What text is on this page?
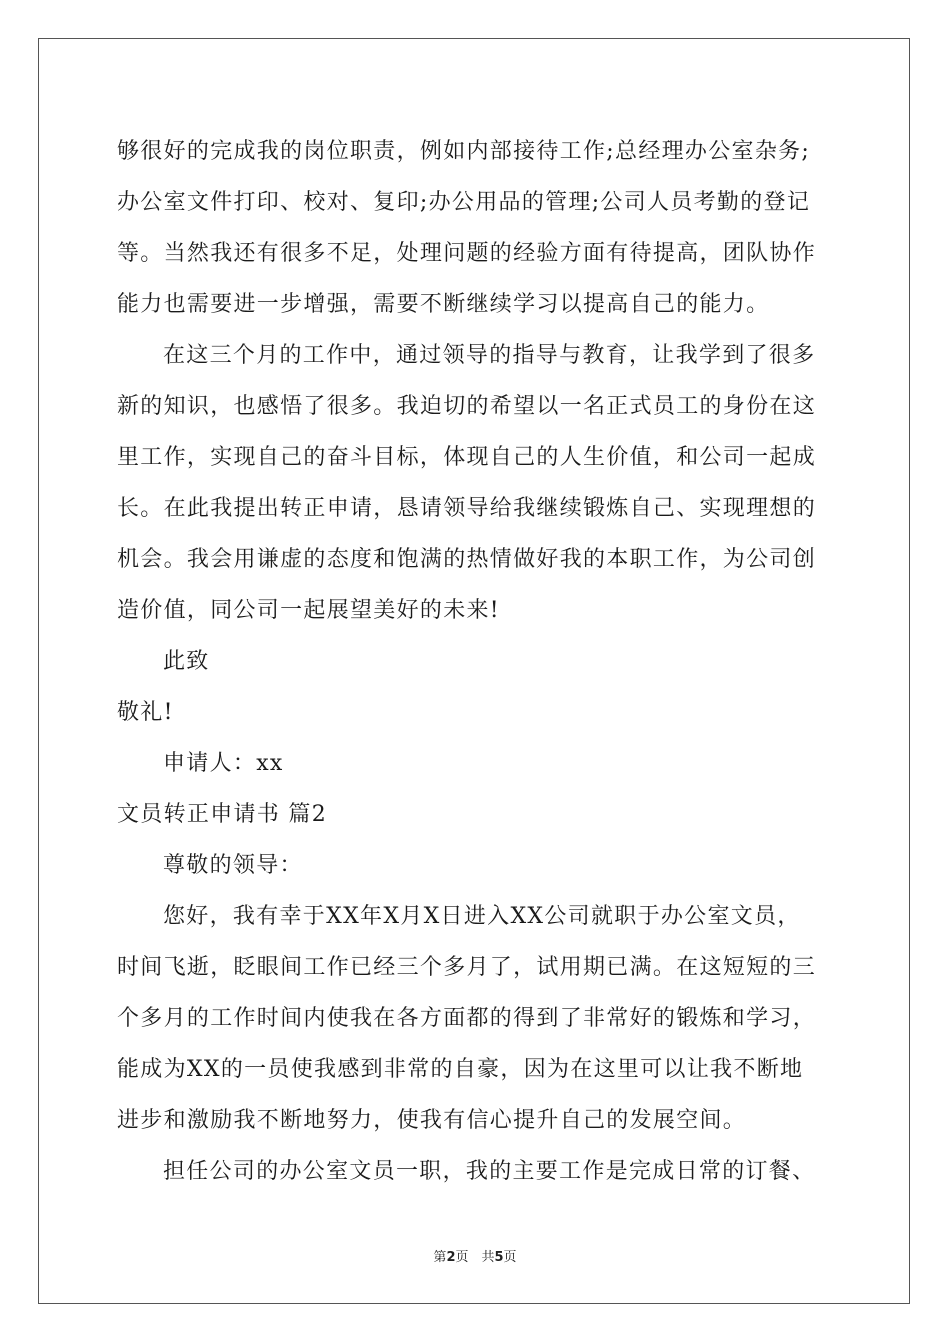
够很好的完成我的岗位职责，例如内部接待工作;总经理办公室杂务;
办公室文件打印、校对、复印;办公用品的管理;公司人员考勤的登记
等。当然我还有很多不足，处理问题的经验方面有待提高，团队协作
能力也需要进一步增强，需要不断继续学习以提高自己的能力。
在这三个月的工作中，通过领导的指导与教育，让我学到了很多
新的知识，也感悟了很多。我迫切的希望以一名正式员工的身份在这
里工作，实现自己的奋斗目标，体现自己的人生价值，和公司一起成
长。在此我提出转正申请，恳请领导给我继续锻炼自己、实现理想的
机会。我会用谦虚的态度和饱满的热情做好我的本职工作，为公司创
造价值，同公司一起展望美好的未来!
此致
敬礼!
申请人：xx
文员转正申请书 篇2
尊敬的领导：
您好，我有幸于XX年X月X日进入XX公司就职于办公室文员，
时间飞逝，眨眼间工作已经三个多月了，试用期已满。在这短短的三
个多月的工作时间内使我在各方面都的得到了非常好的锻炼和学习，
能成为XX的一员使我感到非常的自豪，因为在这里可以让我不断地
进步和激励我不断地努力，使我有信心提升自己的发展空间。
担任公司的办公室文员一职，我的主要工作是完成日常的订餐、
第2页　共5页
